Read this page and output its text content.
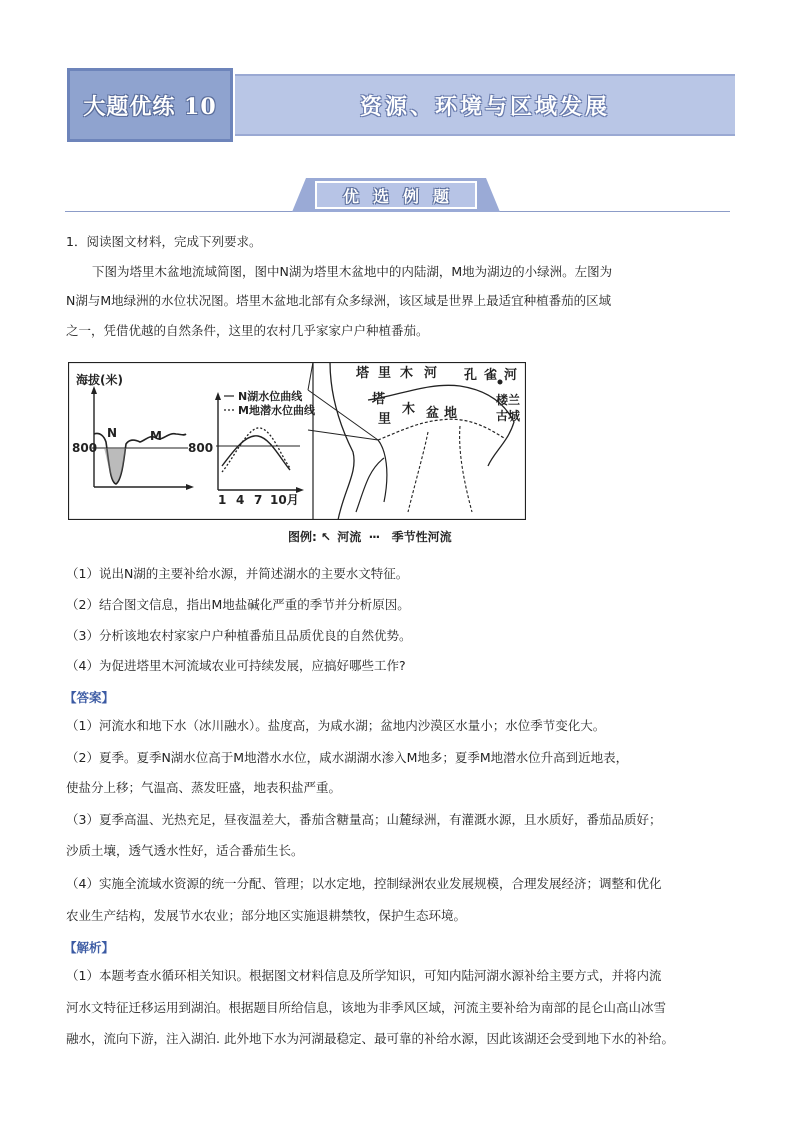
大题优练 10	资源、环境与区域发展
优选例题
1．阅读图文材料，完成下列要求。
下图为塔里木盆地流域简图，图中N湖为塔里木盆地中的内陆湖，M地为湖边的小绿洲。左图为
N湖与M地绿洲的水位状况图。塔里木盆地北部有众多绿洲，该区域是世界上最适宜种植番茄的区域
之一，凭借优越的自然条件，这里的农村几乎家家户户种植番茄。
海拔(米)
800
N	M
800
N湖水位曲线
M地潜水位曲线
1 4 7 10月
塔 里 木 河 孔 雀 河
塔
里
木 盆 地
楼兰
古城
图例: ↖ 河流  ··· 季节性河流
（1）说出N湖的主要补给水源，并简述湖水的主要水文特征。
（2）结合图文信息，指出M地盐碱化严重的季节并分析原因。
（3）分析该地农村家家户户种植番茄且品质优良的自然优势。
（4）为促进塔里木河流域农业可持续发展，应搞好哪些工作?
【答案】
（1）河流水和地下水（冰川融水）。盐度高，为咸水湖；盆地内沙漠区水量小；水位季节变化大。
（2）夏季。夏季N湖水位高于M地潜水水位，咸水湖湖水渗入M地多；夏季M地潜水位升高到近地表，
使盐分上移；气温高、蒸发旺盛，地表积盐严重。
（3）夏季高温、光热充足，昼夜温差大，番茄含糖量高；山麓绿洲，有灌溉水源，且水质好，番茄品质好；
沙质土壤，透气透水性好，适合番茄生长。
（4）实施全流域水资源的统一分配、管理；以水定地，控制绿洲农业发展规模，合理发展经济；调整和优化
农业生产结构，发展节水农业；部分地区实施退耕禁牧，保护生态环境。
【解析】
（1）本题考查水循环相关知识。根据图文材料信息及所学知识，可知内陆河湖水源补给主要方式，并将内流
河水文特征迁移运用到湖泊。根据题目所给信息，该地为非季风区域，河流主要补给为南部的昆仑山高山冰雪
融水，流向下游，注入湖泊. 此外地下水为河湖最稳定、最可靠的补给水源，因此该湖还会受到地下水的补给。
